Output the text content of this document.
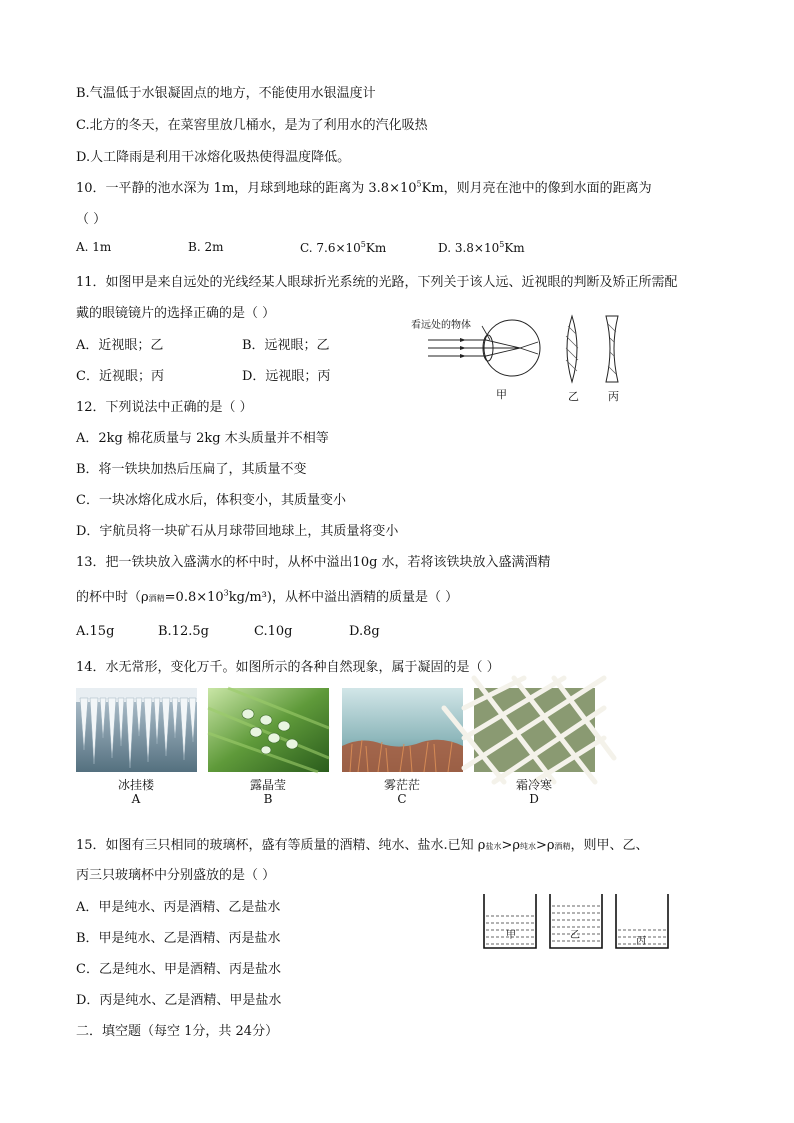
B.气温低于水银凝固点的地方，不能使用水银温度计
C.北方的冬天，在菜窖里放几桶水，是为了利用水的汽化吸热
D.人工降雨是利用干冰熔化吸热使得温度降低。
10．一平静的池水深为 1m，月球到地球的距离为 $3.8\times 10^5Km$，则月亮在池中的像到水面的距离为
（ ）
A. 1m	B. 2m	C. $7.6\times 10^5Km$	D. $3.8\times 10^5Km$
11．如图甲是来自远处的光线经某人眼球折光系统的光路，下列关于该人远、近视眼的判断及矫正所需配
戴的眼镜镜片的选择正确的是（ ）
A．近视眼；乙	B．远视眼；乙
C．近视眼；丙	D．远视眼；丙
看远处的物体
甲	乙	丙
12．下列说法中正确的是（ ）
A．2kg 棉花质量与 2kg 木头质量并不相等
B．将一铁块加热后压扁了，其质量不变
C．一块冰熔化成水后，体积变小，其质量变小
D．宇航员将一块矿石从月球带回地球上，其质量将变小
13．把一铁块放入盛满水的杯中时，从杯中溢出10g 水，若将该铁块放入盛满酒精
的杯中时（ρ酒精$=0.8\times 10^3kg/m^3$)，从杯中溢出酒精的质量是（ ）
A.15g	B.12.5g	C.10g	D.8g
14．水无常形，变化万千。如图所示的各种自然现象，属于凝固的是（ ）
冰挂楼
A
露晶莹
B
雾茫茫
C
霜冷寒
D
15．如图有三只相同的玻璃杯，盛有等质量的酒精、纯水、盐水.已知 ρ盐水>ρ纯水>ρ酒精，则甲、乙、
丙三只玻璃杯中分别盛放的是（ ）
A．甲是纯水、丙是酒精、乙是盐水
B．甲是纯水、乙是酒精、丙是盐水
C．乙是纯水、甲是酒精、丙是盐水
D．丙是纯水、乙是酒精、甲是盐水
甲	乙
丙
二．填空题（每空 1分，共 24分）
